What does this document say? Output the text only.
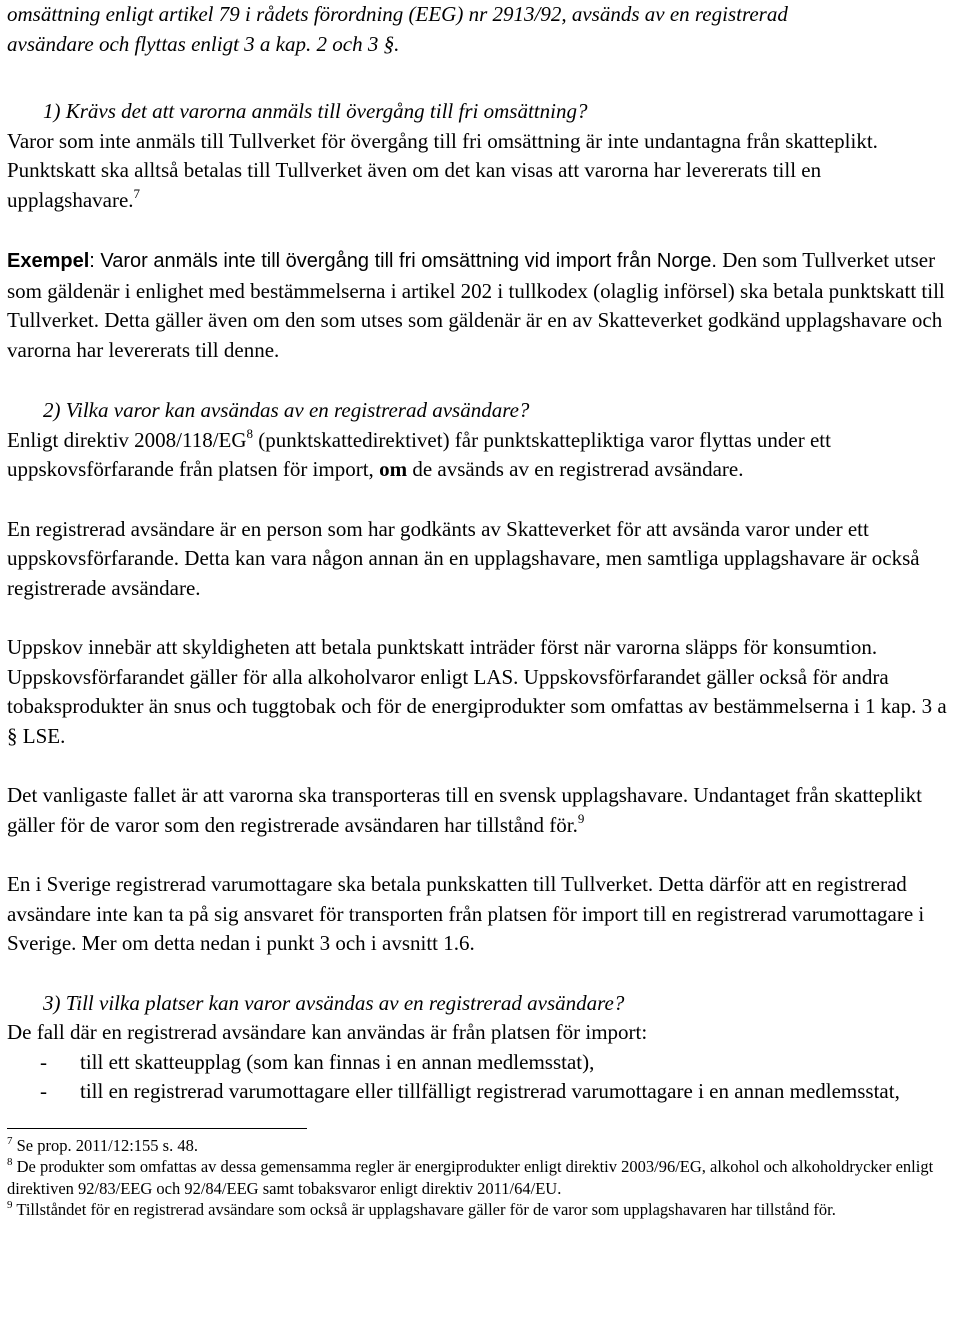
omsättning enligt artikel 79 i rådets förordning (EEG) nr 2913/92, avsänds av en registrerad

avsändare och flyttas enligt 3 a kap. 2 och 3 §.

1) Krävs det att varorna anmäls till övergång till fri omsättning?

Varor som inte anmäls till Tullverket för övergång till fri omsättning är inte undantagna från skatteplikt. Punktskatt ska alltså betalas till Tullverket även om det kan visas att varorna har levererats till en upplagshavare.$^7$

Exempel: Varor anmäls inte till övergång till fri omsättning vid import från Norge. Den som Tullverket utser som gäldenär i enlighet med bestämmelserna i artikel 202 i tullkodex (olaglig införsel) ska betala punktskatt till Tullverket. Detta gäller även om den som utses som gäldenär är en av Skatteverket godkänd upplagshavare och varorna har levererats till denne.

2) Vilka varor kan avsändas av en registrerad avsändare?

Enligt direktiv $2008/118/EG^8$ (punktskattedirektivet) får punktskattepliktiga varor flyttas under ett uppskovsförfarande från platsen för import, om de avsänds av en registrerad avsändare.

En registrerad avsändare är en person som har godkänts av Skatteverket för att avsända varor under ett uppskovsförfarande. Detta kan vara någon annan än en upplagshavare, men samtliga upplagshavare är också registrerade avsändare.

Uppskov innebär att skyldigheten att betala punktskatt inträder först när varorna släpps för konsumtion. Uppskovsförfarandet gäller för alla alkoholvaror enligt LAS. Uppskovsförfarandet gäller också för andra tobaksprodukter än snus och tuggtobak och för de energiprodukter som omfattas av bestämmelserna i 1 kap. 3 a § LSE.

Det vanligaste fallet är att varorna ska transporteras till en svensk upplagshavare. Undantaget från skatteplikt gäller för de varor som den registrerade avsändaren har tillstånd för.$^9$

En i Sverige registrerad varumottagare ska betala punkskatten till Tullverket. Detta därför att en registrerad avsändare inte kan ta på sig ansvaret för transporten från platsen för import till en registrerad varumottagare i Sverige. Mer om detta nedan i punkt 3 och i avsnitt 1.6.

3) Till vilka platser kan varor avsändas av en registrerad avsändare?

De fall där en registrerad avsändare kan användas är från platsen för import:

-	till ett skatteupplag (som kan finnas i en annan medlemsstat),
-	till en registrerad varumottagare eller tillfälligt registrerad varumottagare i en annan medlemsstat,

$^7$ Se prop. 2011/12:155 s. 48.

$^8$ De produkter som omfattas av dessa gemensamma regler är energiprodukter enligt direktiv 2003/96/EG, alkohol och alkoholdrycker enligt direktiven 92/83/EEG och 92/84/EEG samt tobaksvaror enligt direktiv 2011/64/EU.

$^9$ Tillståndet för en registrerad avsändare som också är upplagshavare gäller för de varor som upplagshavaren har tillstånd för.
